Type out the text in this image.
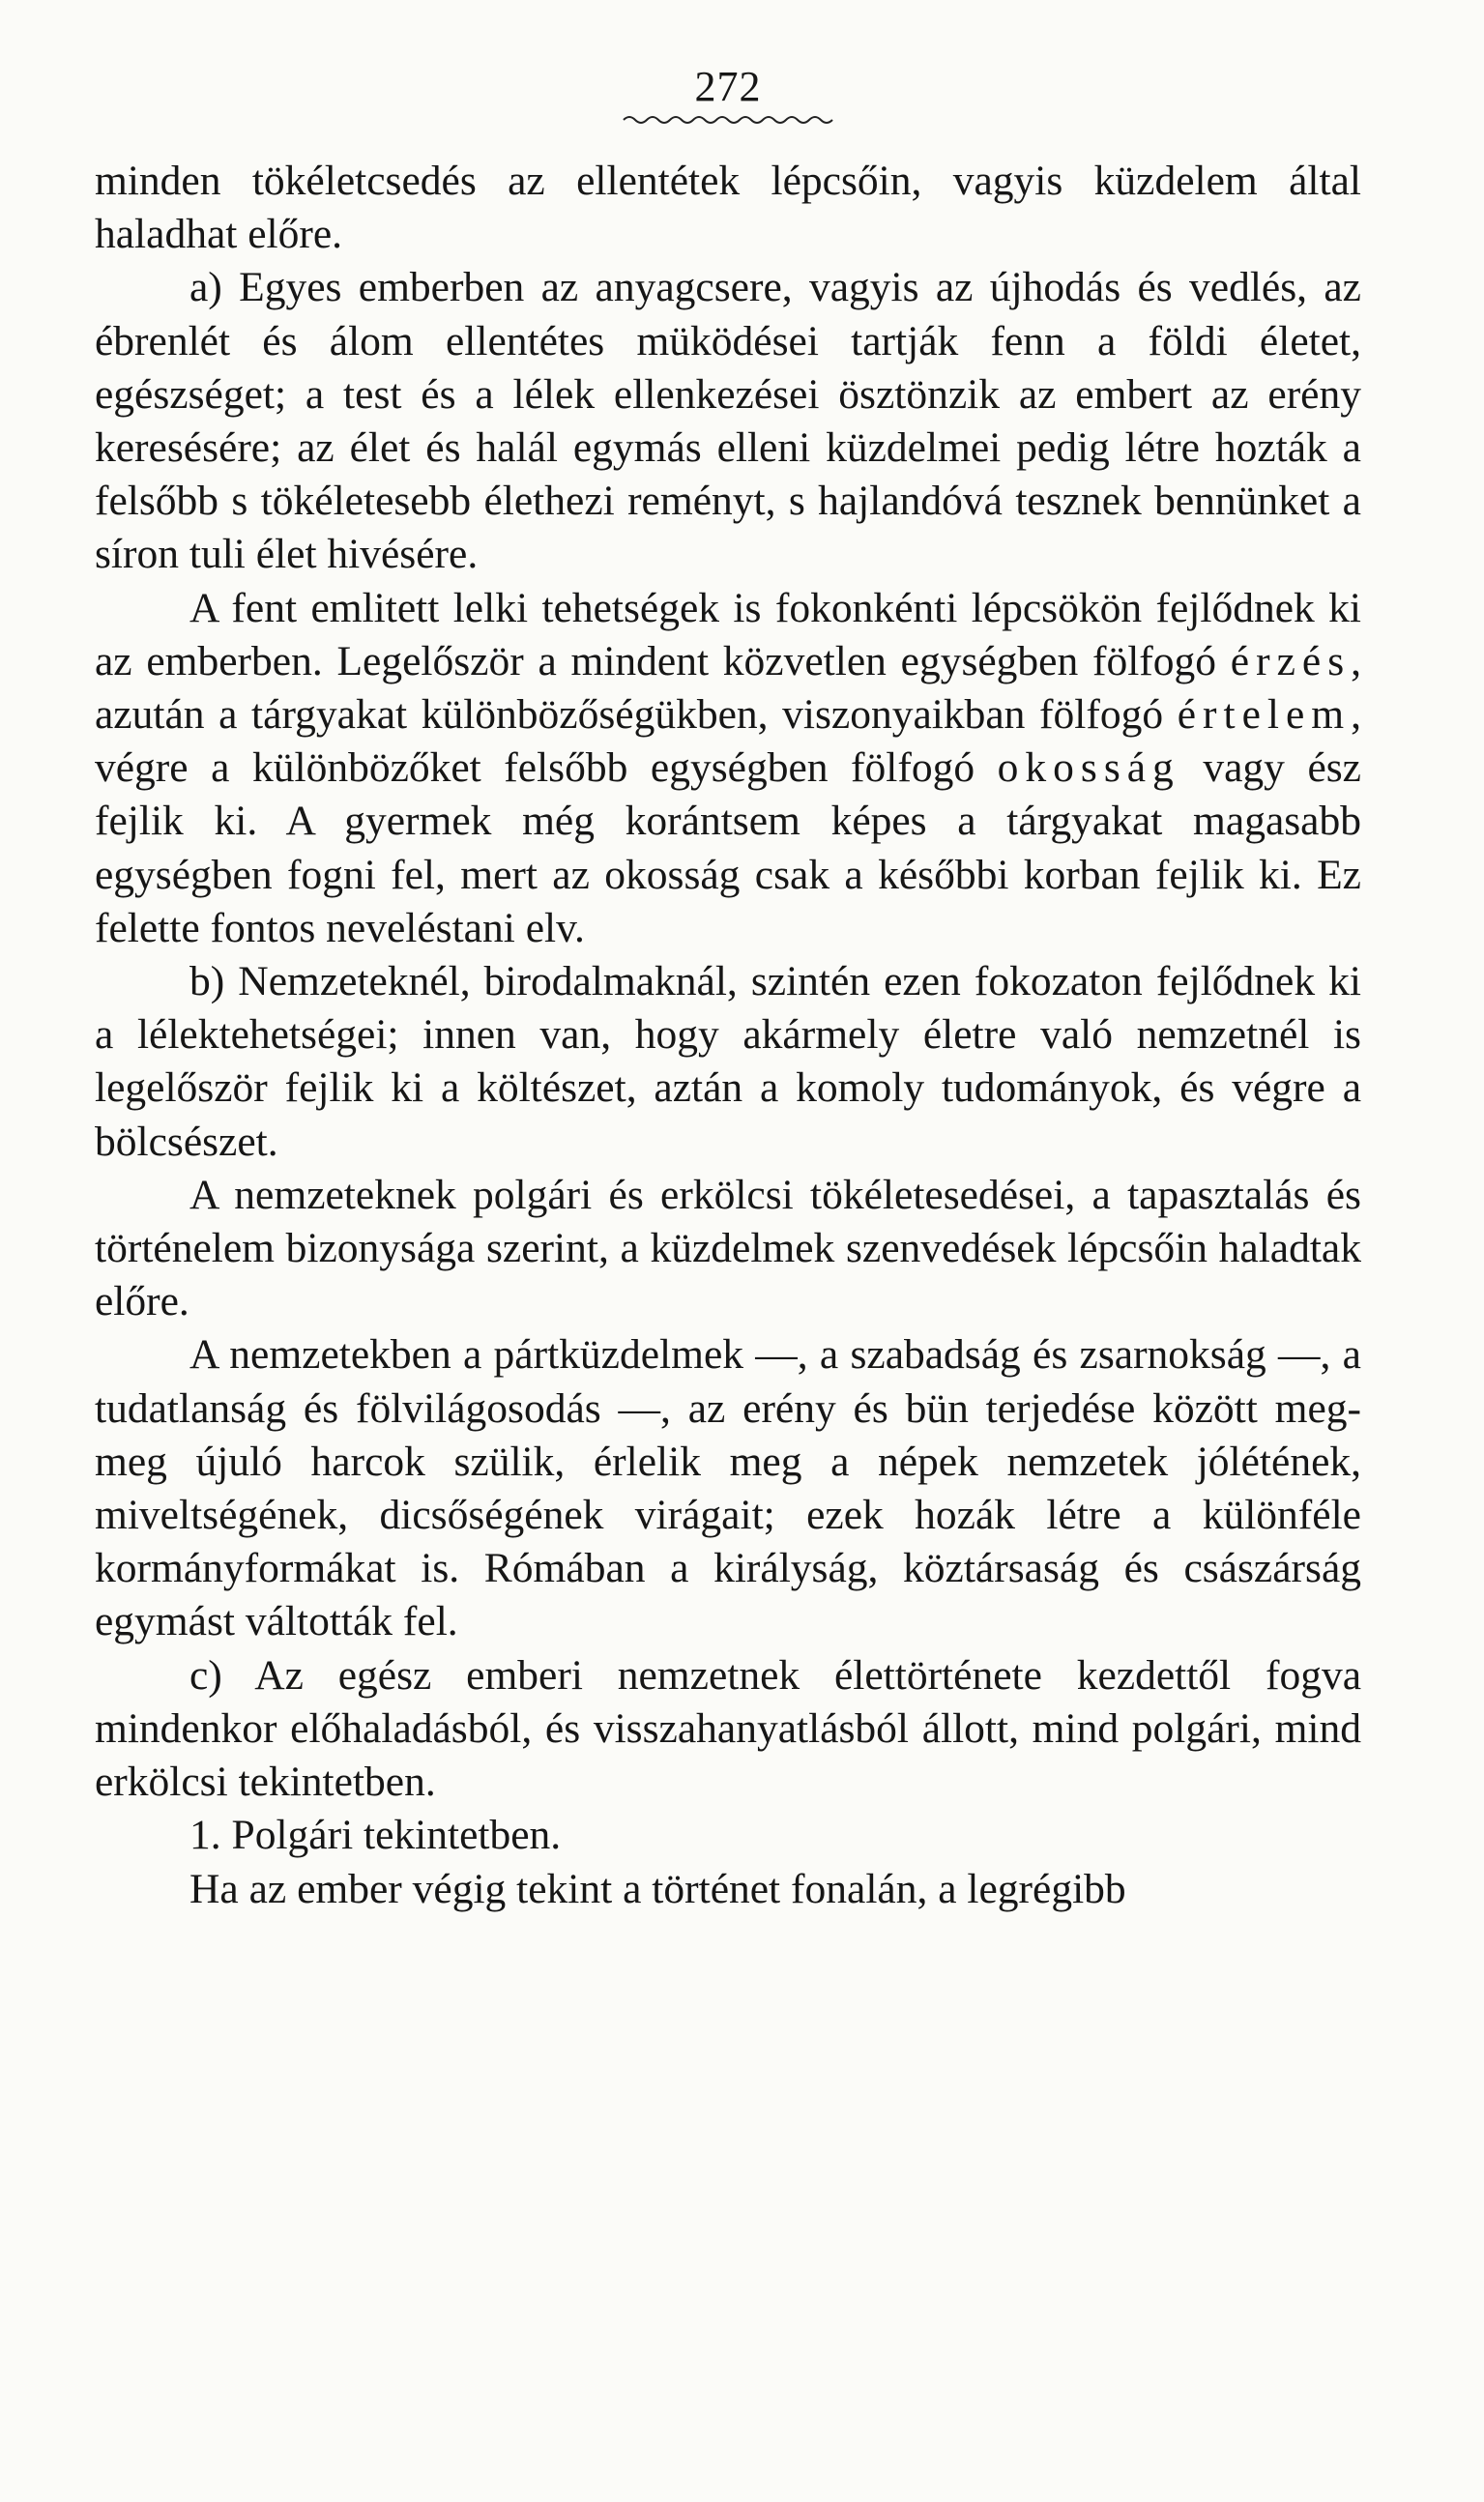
272

minden tökéletcsedés az ellentétek lépcsőin, vagyis küzdelem által haladhat előre.

a) Egyes emberben az anyagcsere, vagyis az újhodás és vedlés, az ébrenlét és álom ellentétes müködései tartják fenn a földi életet, egészséget; a test és a lélek ellenkezései ösztönzik az embert az erény keresésére; az élet és halál egymás elleni küzdelmei pedig létre hozták a felsőbb s tökéletesebb élethezi reményt, s hajlandóvá tesznek bennünket a síron tuli élet hivésére.

A fent emlitett lelki tehetségek is fokonkénti lépcsökön fejlődnek ki az emberben. Legelőször a mindent közvetlen egységben fölfogó érzés, azután a tárgyakat különbözőségükben, viszonyaikban fölfogó értelem, végre a különbözőket felsőbb egységben fölfogó okosság vagy ész fejlik ki. A gyermek még korántsem képes a tárgyakat magasabb egységben fogni fel, mert az okosság csak a későbbi korban fejlik ki. Ez felette fontos neveléstani elv.

b) Nemzeteknél, birodalmaknál, szintén ezen fokozaton fejlődnek ki a lélektehetségei; innen van, hogy akármely életre való nemzetnél is legelőször fejlik ki a költészet, aztán a komoly tudományok, és végre a bölcsészet.

A nemzeteknek polgári és erkölcsi tökéletesedései, a tapasztalás és történelem bizonysága szerint, a küzdelmek szenvedések lépcsőin haladtak előre.

A nemzetekben a pártküzdelmek —, a szabadság és zsarnokság —, a tudatlanság és fölvilágosodás —, az erény és bün terjedése között meg-meg újuló harcok szülik, érlelik meg a népek nemzetek jólétének, miveltségének, dicsőségének virágait; ezek hozák létre a különféle kormányformákat is. Rómában a királyság, köztársaság és császárság egymást váltották fel.

c) Az egész emberi nemzetnek élettörténete kezdettől fogva mindenkor előhaladásból, és visszahanyatlásból állott, mind polgári, mind erkölcsi tekintetben.

1. Polgári tekintetben.

Ha az ember végig tekint a történet fonalán, a legrégibb
